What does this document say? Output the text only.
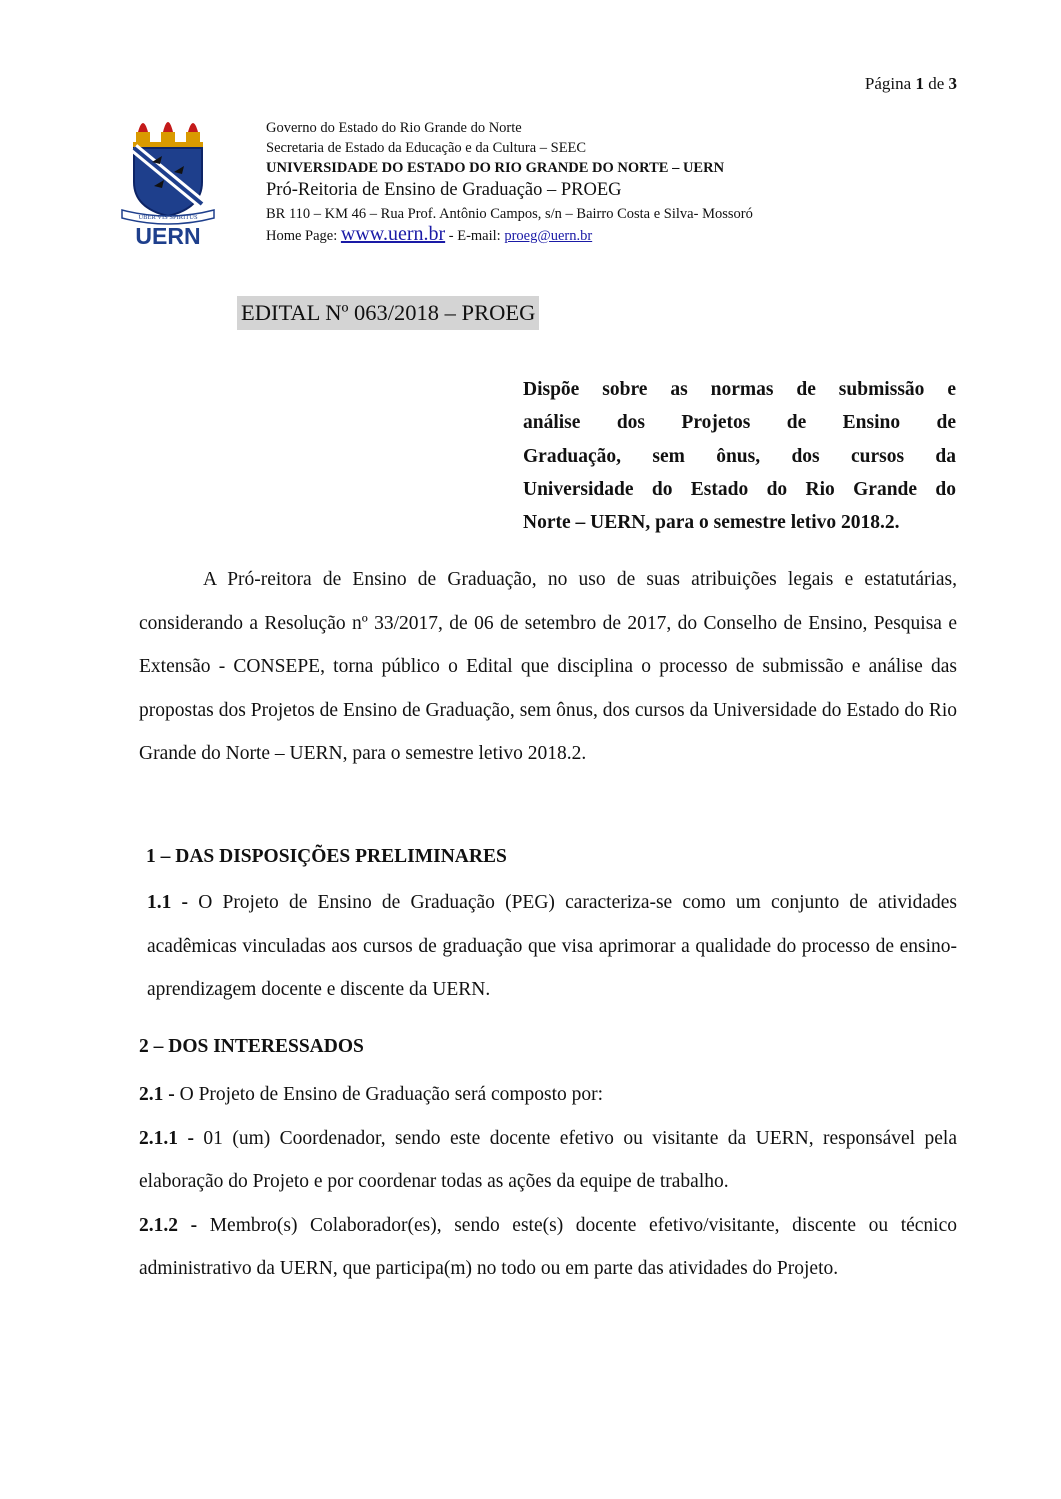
Página 1 de 3
UBER VIS SPIRITUS
UERN
Governo do Estado do Rio Grande do Norte
Secretaria de Estado da Educação e da Cultura – SEEC
UNIVERSIDADE DO ESTADO DO RIO GRANDE DO NORTE – UERN
Pró-Reitoria de Ensino de Graduação – PROEG
BR 110 – KM 46 – Rua Prof. Antônio Campos, s/n – Bairro Costa e Silva- Mossoró
Home Page: www.uern.br - E-mail: proeg@uern.br
EDITAL Nº 063/2018 – PROEG
Dispõe sobre as normas de submissão e
análise dos Projetos de Ensino de
Graduação, sem ônus, dos cursos da
Universidade do Estado do Rio Grande do
Norte – UERN, para o semestre letivo 2018.2.
A Pró-reitora de Ensino de Graduação, no uso de suas atribuições legais e estatutárias, considerando a Resolução nº 33/2017, de 06 de setembro de 2017, do Conselho de Ensino, Pesquisa e Extensão - CONSEPE, torna público o Edital que disciplina o processo de submissão e análise das propostas dos Projetos de Ensino de Graduação, sem ônus, dos cursos da Universidade do Estado do Rio Grande do Norte – UERN, para o semestre letivo 2018.2.
1 – DAS DISPOSIÇÕES PRELIMINARES
1.1 - O Projeto de Ensino de Graduação (PEG) caracteriza-se como um conjunto de atividades acadêmicas vinculadas aos cursos de graduação que visa aprimorar a qualidade do processo de ensino-aprendizagem docente e discente da UERN.
2 – DOS INTERESSADOS
2.1 - O Projeto de Ensino de Graduação será composto por:
2.1.1 - 01 (um) Coordenador, sendo este docente efetivo ou visitante da UERN, responsável pela elaboração do Projeto e por coordenar todas as ações da equipe de trabalho.
2.1.2 - Membro(s) Colaborador(es), sendo este(s) docente efetivo/visitante, discente ou técnico administrativo da UERN, que participa(m) no todo ou em parte das atividades do Projeto.
